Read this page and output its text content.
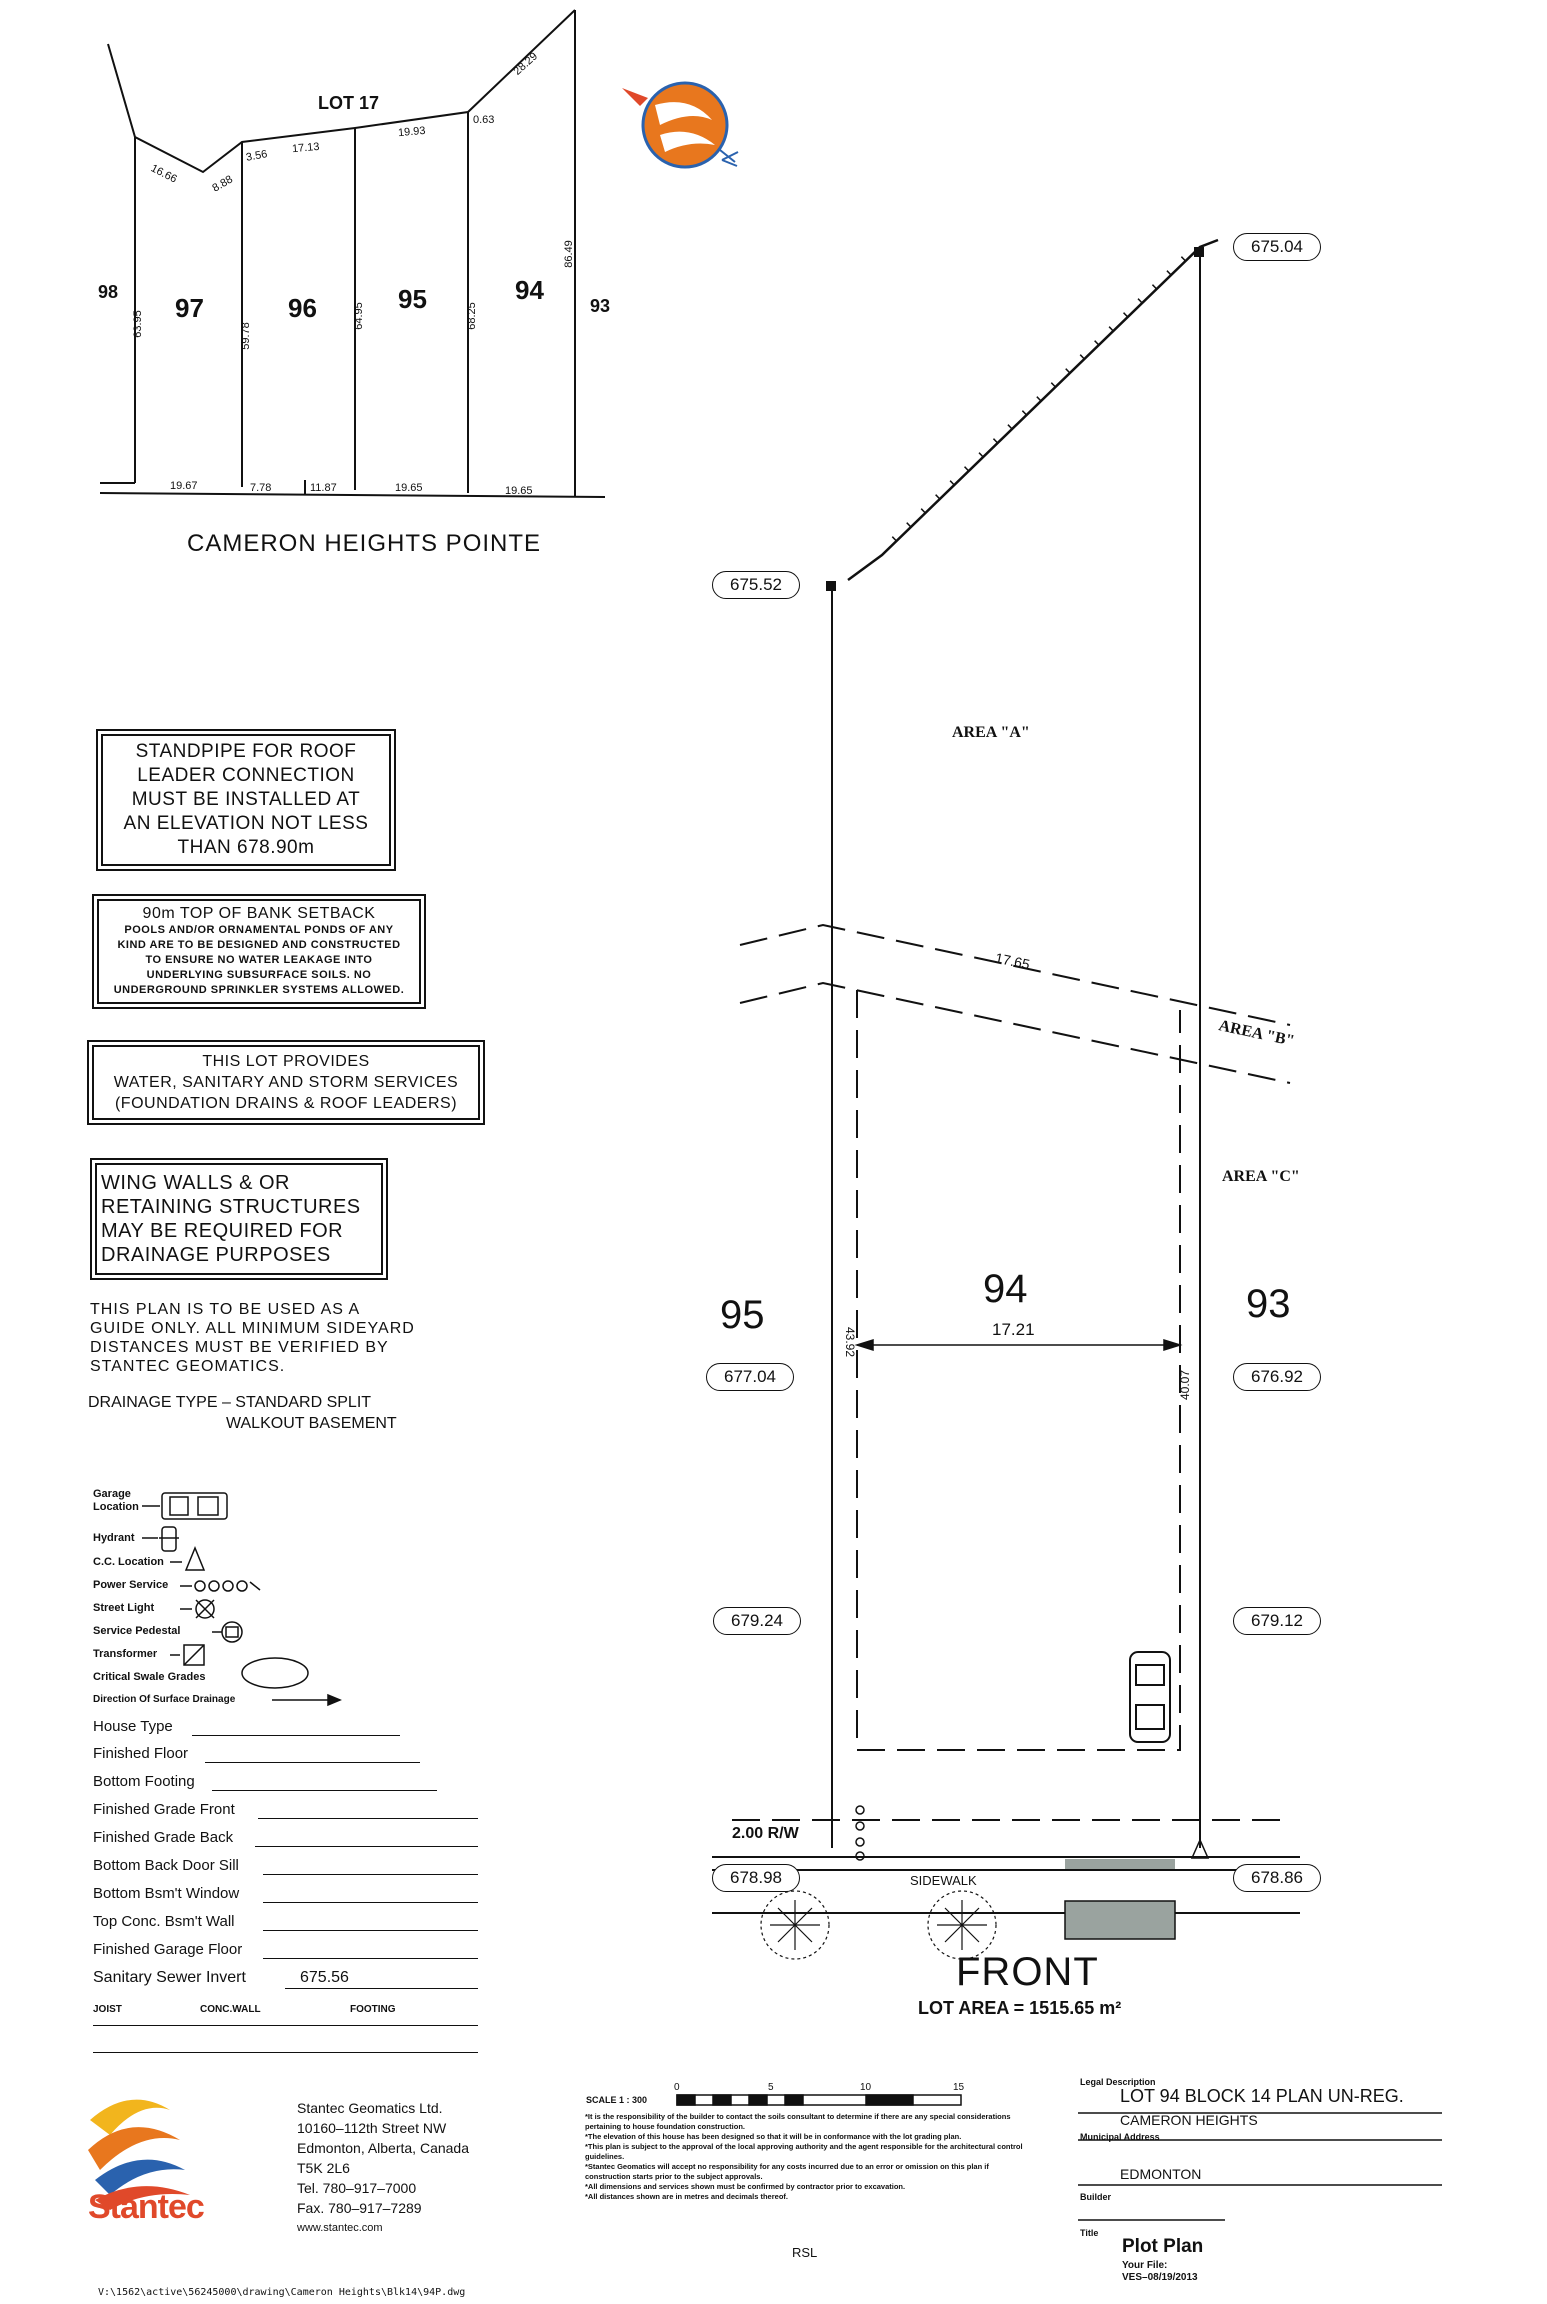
LOT 17
98
97	96	95	94
93
63.95	59.78
64.95	68.25
86.49
16.66	8.88
3.56
17.13
19.93
0.63
28.29
19.67	7.78	11.87	19.65	19.65
CAMERON HEIGHTS POINTE
STANDPIPE FOR ROOF
LEADER CONNECTION
MUST BE INSTALLED AT
AN ELEVATION NOT LESS
THAN 678.90m
90m TOP OF BANK SETBACK
POOLS AND/OR ORNAMENTAL PONDS OF ANY
KIND ARE TO BE DESIGNED AND CONSTRUCTED
TO ENSURE NO WATER LEAKAGE INTO
UNDERLYING SUBSURFACE SOILS. NO
UNDERGROUND SPRINKLER SYSTEMS ALLOWED.
THIS LOT PROVIDES
WATER, SANITARY AND STORM SERVICES
(FOUNDATION DRAINS & ROOF LEADERS)
WING WALLS & OR
RETAINING STRUCTURES
MAY BE REQUIRED FOR
DRAINAGE PURPOSES
THIS PLAN IS TO BE USED AS A
GUIDE ONLY. ALL MINIMUM SIDEYARD
DISTANCES MUST BE VERIFIED BY
STANTEC GEOMATICS.
DRAINAGE TYPE – STANDARD SPLIT
WALKOUT BASEMENT
Garage Location
Hydrant
C.C. Location
Power Service
Street Light
Service Pedestal
Transformer
Critical Swale Grades
Direction Of Surface Drainage
House Type
Finished Floor
Bottom Footing
Finished Grade Front
Finished Grade Back
Bottom Back Door Sill
Bottom Bsm't Window
Top Conc. Bsm't Wall
Finished Garage Floor
Sanitary Sewer Invert	675.56
JOIST	CONC.WALL	FOOTING
675.52
675.04
677.04	676.92
679.24	679.12
678.98	678.86
AREA "A"
AREA "B"
AREA "C"
17.65
95
94	93
17.21
43.92
40.07
2.00 R/W
SIDEWALK
FRONT
LOT AREA = 1515.65 m²
Stantec
Stantec Geomatics Ltd.
10160–112th Street NW
Edmonton, Alberta, Canada
T5K 2L6
Tel. 780–917–7000
Fax. 780–917–7289
www.stantec.com
SCALE 1 : 300
0	5	10	15
*It is the responsibility of the builder to contact the soils consultant to determine if there are any special considerations pertaining to house foundation construction.
*The elevation of this house has been designed so that it will be in conformance with the lot grading plan.
*This plan is subject to the approval of the local approving authority and the agent responsible for the architectural control guidelines.
*Stantec Geomatics will accept no responsibility for any costs incurred due to an error or omission on this plan if construction starts prior to the subject approvals.
*All dimensions and services shown must be confirmed by contractor prior to excavation.
*All distances shown are in metres and decimals thereof.
RSL
Legal Description
LOT 94 BLOCK 14 PLAN UN-REG.
CAMERON HEIGHTS
Municipal Address
EDMONTON
Builder
Title
Plot Plan
Your File:
VES–08/19/2013
V:\1562\active\56245000\drawing\Cameron Heights\Blk14\94P.dwg
